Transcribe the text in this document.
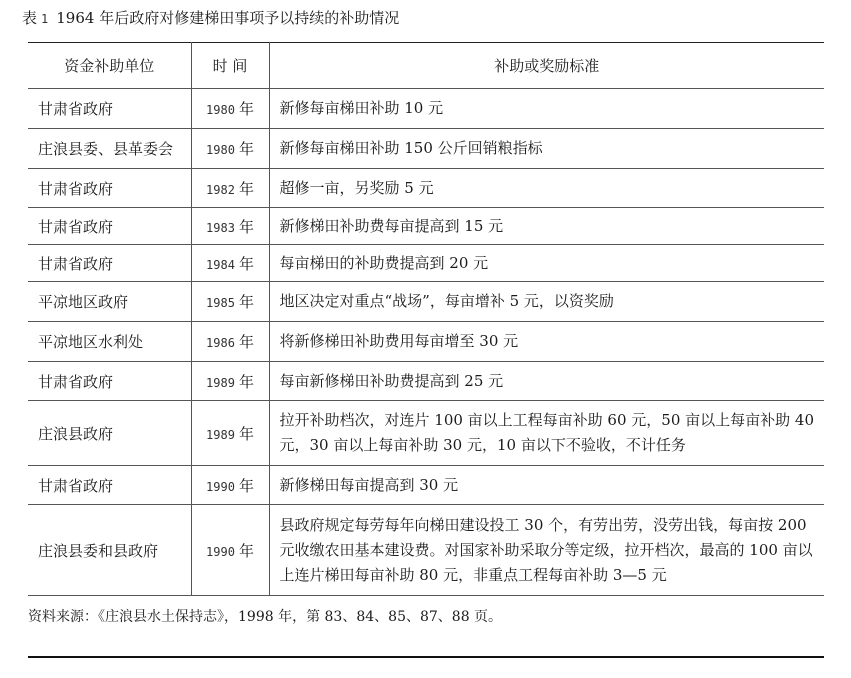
表 1 1964 年后政府对修建梯田事项予以持续的补助情况
资金补助单位	时 间	补助或奖励标准
甘肃省政府	1980 年	新修每亩梯田补助 10 元
庄浪县委、县革委会	1980 年	新修每亩梯田补助 150 公斤回销粮指标
甘肃省政府	1982 年	超修一亩，另奖励 5 元
甘肃省政府	1983 年	新修梯田补助费每亩提高到 15 元
甘肃省政府	1984 年	每亩梯田的补助费提高到 20 元
平凉地区政府	1985 年	地区决定对重点“战场”，每亩增补 5 元，以资奖励
平凉地区水利处	1986 年	将新修梯田补助费用每亩增至 30 元
甘肃省政府	1989 年	每亩新修梯田补助费提高到 25 元
庄浪县政府	1989 年	拉开补助档次，对连片 100 亩以上工程每亩补助 60 元，50 亩以上每亩补助 40 元，30 亩以上每亩补助 30 元，10 亩以下不验收，不计任务
甘肃省政府	1990 年	新修梯田每亩提高到 30 元
庄浪县委和县政府	1990 年	县政府规定每劳每年向梯田建设投工 30 个，有劳出劳，没劳出钱，每亩按 200 元收缴农田基本建设费。对国家补助采取分等定级，拉开档次，最高的 100 亩以上连片梯田每亩补助 80 元，非重点工程每亩补助 3—5 元
资料来源：《庄浪县水土保持志》，1998 年，第 83、84、85、87、88 页。
